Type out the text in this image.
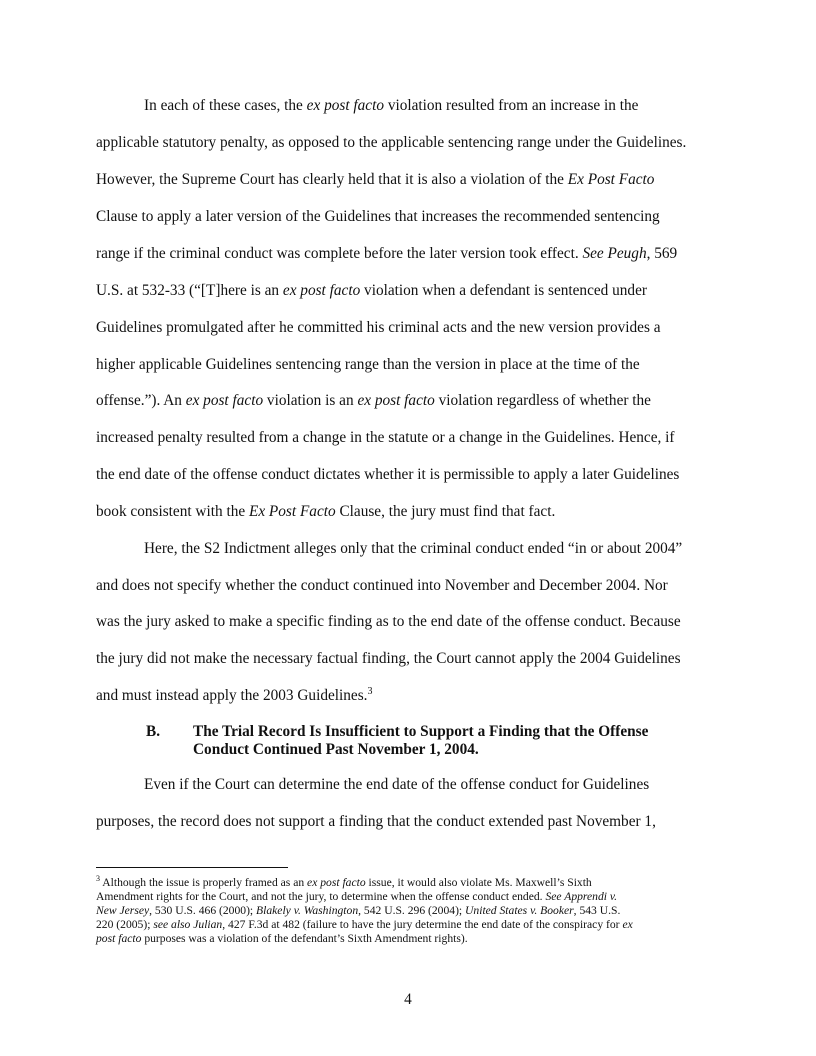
In each of these cases, the ex post facto violation resulted from an increase in the
applicable statutory penalty, as opposed to the applicable sentencing range under the Guidelines.
However, the Supreme Court has clearly held that it is also a violation of the Ex Post Facto
Clause to apply a later version of the Guidelines that increases the recommended sentencing
range if the criminal conduct was complete before the later version took effect. See Peugh, 569
U.S. at 532-33 (“[T]here is an ex post facto violation when a defendant is sentenced under
Guidelines promulgated after he committed his criminal acts and the new version provides a
higher applicable Guidelines sentencing range than the version in place at the time of the
offense.”). An ex post facto violation is an ex post facto violation regardless of whether the
increased penalty resulted from a change in the statute or a change in the Guidelines. Hence, if
the end date of the offense conduct dictates whether it is permissible to apply a later Guidelines
book consistent with the Ex Post Facto Clause, the jury must find that fact.
Here, the S2 Indictment alleges only that the criminal conduct ended “in or about 2004”
and does not specify whether the conduct continued into November and December 2004. Nor
was the jury asked to make a specific finding as to the end date of the offense conduct. Because
the jury did not make the necessary factual finding, the Court cannot apply the 2004 Guidelines
and must instead apply the 2003 Guidelines.$^3$
B. The Trial Record Is Insufficient to Support a Finding that the Offense
Conduct Continued Past November 1, 2004.
Even if the Court can determine the end date of the offense conduct for Guidelines
purposes, the record does not support a finding that the conduct extended past November 1,
$^3$ Although the issue is properly framed as an ex post facto issue, it would also violate Ms. Maxwell’s Sixth
Amendment rights for the Court, and not the jury, to determine when the offense conduct ended. See Apprendi v.
New Jersey, 530 U.S. 466 (2000); Blakely v. Washington, 542 U.S. 296 (2004); United States v. Booker, 543 U.S.
220 (2005); see also Julian, 427 F.3d at 482 (failure to have the jury determine the end date of the conspiracy for ex
post facto purposes was a violation of the defendant’s Sixth Amendment rights).
4
